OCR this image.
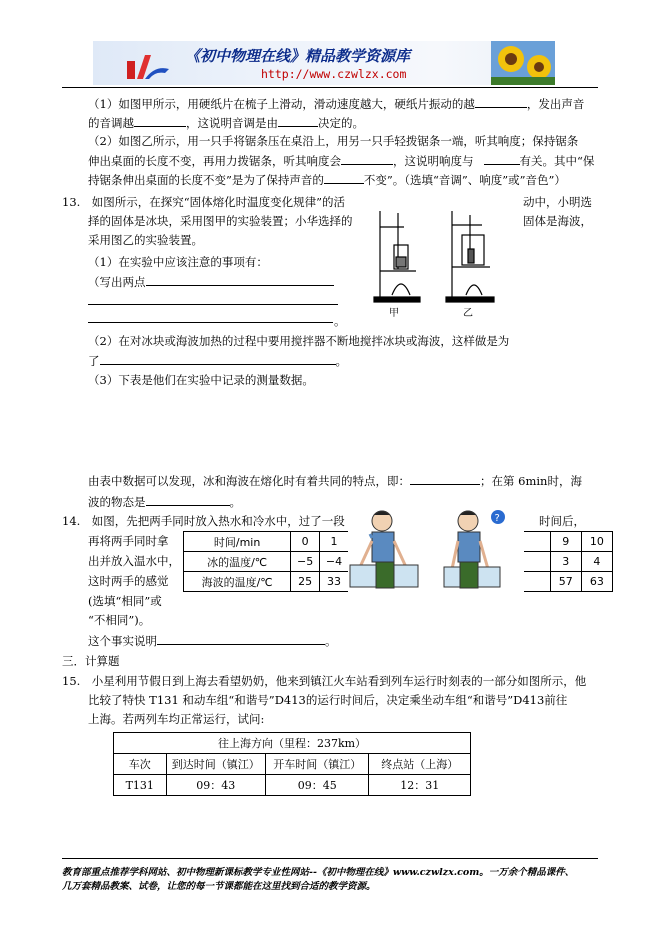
《初中物理在线》精品教学资源库
http://www.czwlzx.com
（1）如图甲所示，用硬纸片在梳子上滑动，滑动速度越大，硬纸片振动的越	，发出声音
的音调越	，这说明音调是由	决定的。
（2）如图乙所示，用一只手将锯条压在桌沿上，用另一只手轻拨锯条一端，听其响度；保持锯条
伸出桌面的长度不变，再用力拨锯条，听其响度会	，这说明响度与	有关。其中“保
持锯条伸出桌面的长度不变”是为了保持声音的	不变”。（选填“音调”、响度”或”音色”）
13.　如图所示，在探究“固体熔化时温度变化规律”的活	动中，小明选
择的固体是冰块，采用图甲的实验装置；小华选择的	固体是海波，
采用图乙的实验装置。
甲	乙
（1）在实验中应该注意的事项有：
（写出两点
。
（2）在对冰块或海波加热的过程中要用搅拌器不断地搅拌冰块或海波，这样做是为
了	。
（3）下表是他们在实验中记录的测量数据。
由表中数据可以发现，冰和海波在熔化时有着共同的特点，即：	；在第 6min时，海
波的物态是	。
14.　如图，先把两手同时放入热水和冷水中，过了一段	时间后，
再将两手同时拿
出并放入温水中，
这时两手的感觉
(选填“相同”或
“不相同”)。
这个事实说明	。
时间/min	0	1								9	10
冰的温度/℃	−5	−4								3	4
海波的温度/℃	25	33								57	63
?
三．计算题
15.　小星利用节假日到上海去看望奶奶，他来到镇江火车站看到列车运行时刻表的一部分如图所示，他
比较了特快 T131 和动车组“和谐号”D413的运行时间后，决定乘坐动车组“和谐号”D413前往
上海。若两列车均正常运行，试问:
往上海方向（里程：237km）			
车次	到达时间（镇江）	开车时间（镇江）	终点站（上海）
T131	09：43	09：45	12：31
教育部重点推荐学科网站、初中物理新课标教学专业性网站--《初中物理在线》www.czwlzx.com。一万余个精品课件、
几万套精品教案、试卷，让您的每一节课都能在这里找到合适的教学资源。
